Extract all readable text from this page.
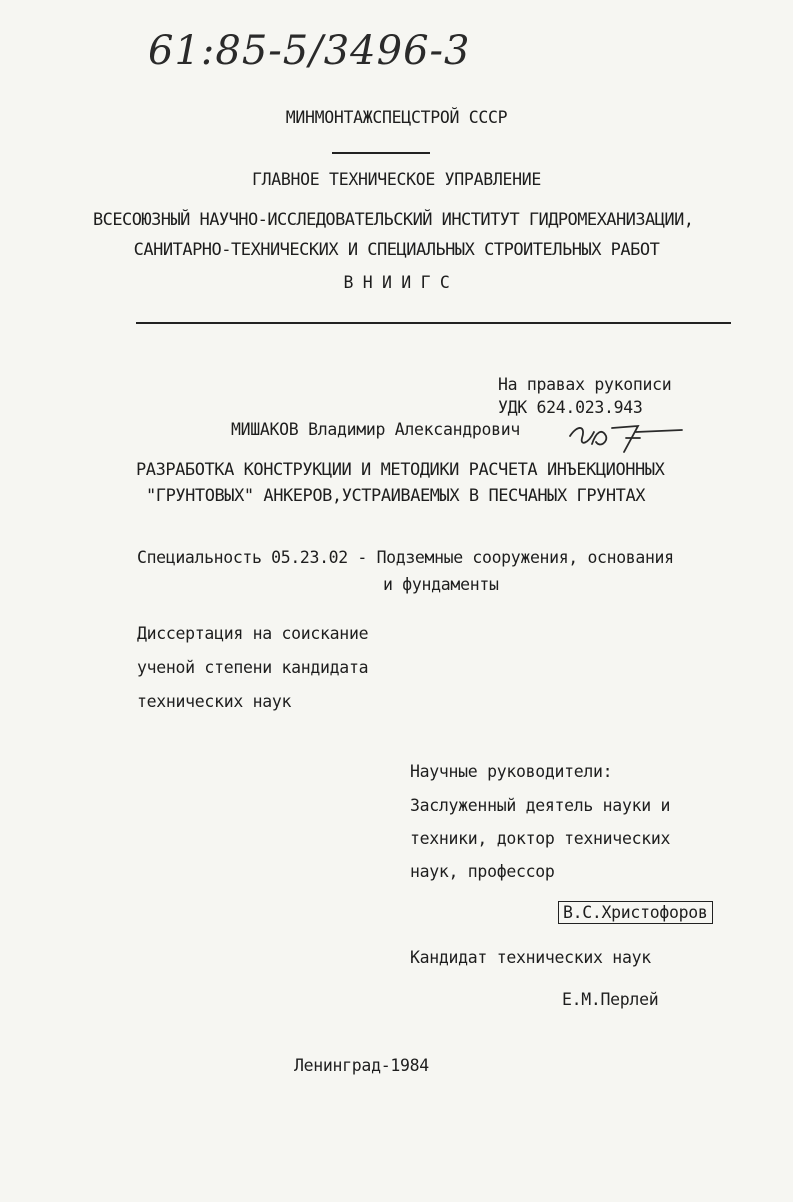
61:85-5/3496-3
МИНМОНТАЖСПЕЦСТРОЙ СССР
ГЛАВНОЕ ТЕХНИЧЕСКОЕ УПРАВЛЕНИЕ
ВСЕСОЮЗНЫЙ НАУЧНО-ИССЛЕДОВАТЕЛЬСКИЙ ИНСТИТУТ ГИДРОМЕХАНИЗАЦИИ,
САНИТАРНО-ТЕХНИЧЕСКИХ И СПЕЦИАЛЬНЫХ СТРОИТЕЛЬНЫХ РАБОТ
В Н И И Г С
На правах рукописи
УДК 624.023.943
МИШАКОВ Владимир Александрович
РАЗРАБОТКА КОНСТРУКЦИИ И МЕТОДИКИ РАСЧЕТА ИНЪЕКЦИОННЫХ
"ГРУНТОВЫХ" АНКЕРОВ,УСТРАИВАЕМЫХ В ПЕСЧАНЫХ ГРУНТАХ
Специальность 05.23.02 - Подземные сооружения, основания
и фундаменты
Диссертация на соискание
ученой степени кандидата
технических наук
Научные руководители:
Заслуженный деятель науки и
техники, доктор технических
наук, профессор
В.С.Христофоров
Кандидат технических наук
Е.М.Перлей
Ленинград-1984
